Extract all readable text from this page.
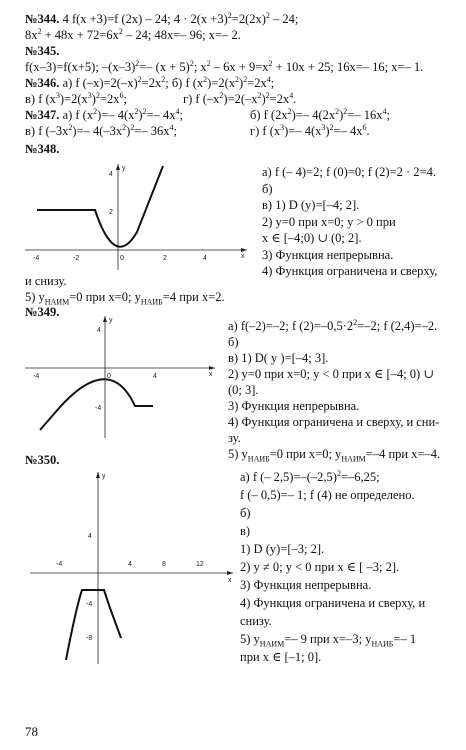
№344. 4 f(x +3)=f (2x) – 24; $4 \cdot 2(x +3)^2=2(2x)^2 - 24$;
$8x^2 + 48x + 72=6x^2 - 24$; 48x=– 96; x=– 2.
№345.
f(x–3)=f(x+5); $-(x-3)^2=-$ $(x + 5)^2$; $x^2 - 6x + 9=x^2 + 10x + 25$; 16x=– 16; x=– 1.
№346. а) f $(-x)=2(-x)^2=2x^2$; б) f $(x^2)=2(x^2)^2=2x^4$;
в) f $(x^3)=2(x^3)^2=2x^6$;	г) f $(-x^2)=2(-x^2)^2=2x^4$.
№347. а) f $(x^2)=-$ $4(x^2)^2=-$ $4x^4$;	б) f $(2x^2)=-$ $4(2x^2)^2=-$ $16x^4$;
в) f $(-3x^2)=-$ $4(-3x^2)^2=-$ $36x^4$;	г) f $(x^3)=-$ $4(x^3)^2=-$ $4x^6$.
№348.
-4	-2	0	2	4
4
2
x
y	а) f (– 4)=2; f (0)=0; f (2)=2 · 2=4.
б)
в) 1) D (y)=[–4; 2].
2) y=0 при x=0; y > 0 при
x ∈ [–4;0) ∪ (0; 2].
3) Функция непрерывна.
4) Функция ограничена и сверху,
и снизу.
5) $y_{НАИМ}=0$ при x=0; $y_{НАИБ}=4$ при x=2.
№349.
-4	0	4
4
-4
x
y	а) f(–2)=–2; f $(2)=-0,5\cdot 2^2=-2$; f (2,4)=–2.
б)
в) 1) D( y )=[–4; 3].
2) y=0 при x=0; y < 0 при x ∈ [–4; 0) ∪
(0; 3].
3) Функция непрерывна.
4) Функция ограничена и сверху, и сни-
зу.
5) $y_{НАИБ}=0$ при x=0; $y_{НАИМ}=-4$ при x=–4.
№350.
-4	4	8	12
4
-4
-8
x
y	а) f (– $2,5)=-(-2,5)^2=-6,25$;
f (– 0,5)=– 1; f (4) не определено.
б)
в)
1) D (y)=[–3; 2].
2) y ≠ 0; y < 0 при x ∈ [ –3; 2].
3) Функция непрерывна.
4) Функция ограничена и сверху, и
снизу.
5) $y_{НАИМ}=-$ 9 при x=–3; $y_{НАИБ}=-$ 1
при x ∈ [–1; 0].
78
